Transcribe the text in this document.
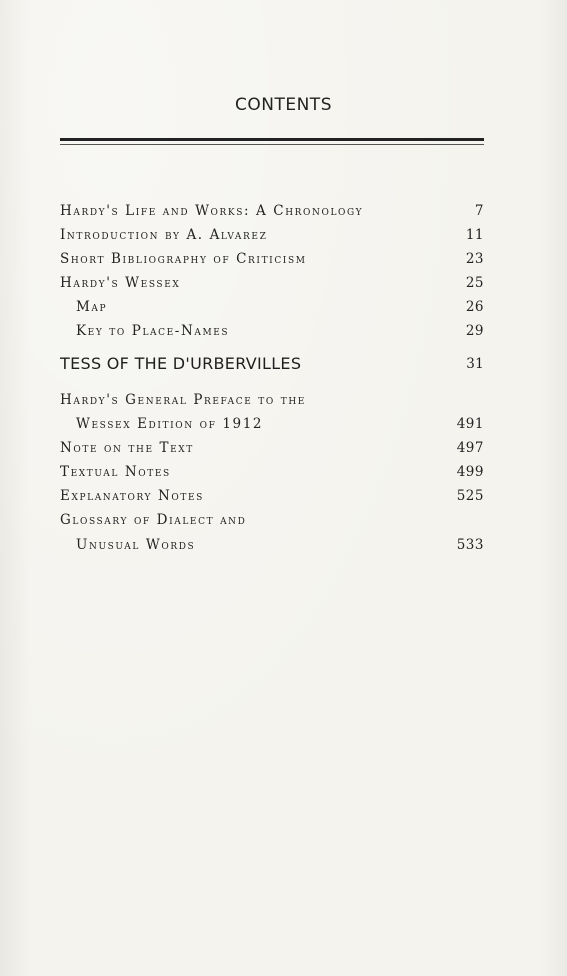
CONTENTS
Hardy's Life and Works: A Chronology	7
Introduction by A. Alvarez	11
Short Bibliography of Criticism	23
Hardy's Wessex	25
Map	26
Key to Place-Names	29
TESS OF THE D'URBERVILLES	31
Hardy's General Preface to the
Wessex Edition of 1912	491
Note on the Text	497
Textual Notes	499
Explanatory Notes	525
Glossary of Dialect and
Unusual Words	533
